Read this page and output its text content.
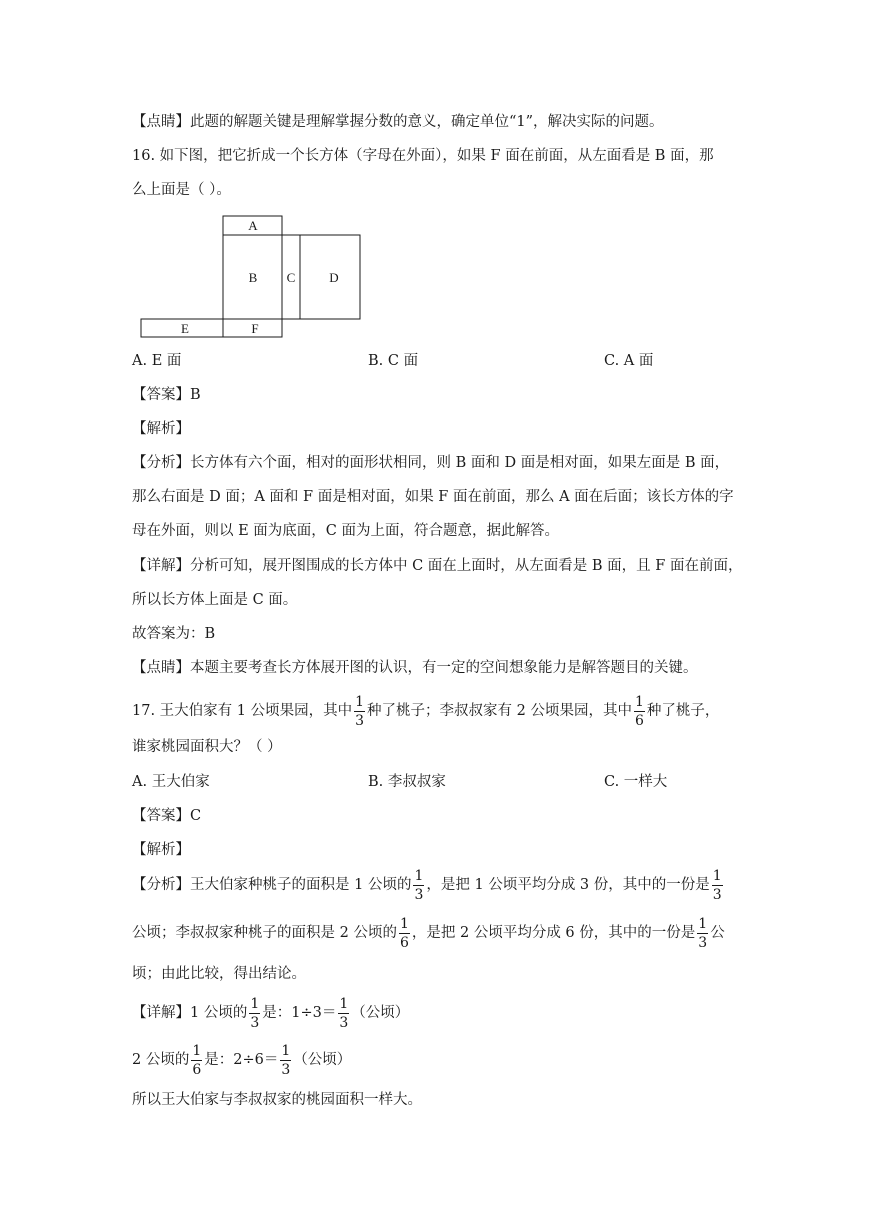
【点睛】此题的解题关键是理解掌握分数的意义，确定单位“1”，解决实际的问题。
16. 如下图，把它折成一个长方体（字母在外面），如果 F 面在前面，从左面看是 B 面，那
么上面是（ ）。
A
B C	D
E	F
A. E 面	B. C 面	C. A 面
【答案】B
【解析】
【分析】长方体有六个面，相对的面形状相同，则 B 面和 D 面是相对面，如果左面是 B 面，
那么右面是 D 面；A 面和 F 面是相对面，如果 F 面在前面，那么 A 面在后面；该长方体的字
母在外面，则以 E 面为底面，C 面为上面，符合题意，据此解答。
【详解】分析可知，展开图围成的长方体中 C 面在上面时，从左面看是 B 面，且 F 面在前面，
所以长方体上面是 C 面。
故答案为：B
【点睛】本题主要考查长方体展开图的认识，有一定的空间想象能力是解答题目的关键。
17. 王大伯家有 1 公顷果园，其中 $\frac{1}{3}$ 种了桃子；李叔叔家有 2 公顷果园，其中 $\frac{1}{6}$ 种了桃子，
谁家桃园面积大？（ ）
A. 王大伯家	B. 李叔叔家	C. 一样大
【答案】C
【解析】
【分析】王大伯家种桃子的面积是 1 公顷的 $\frac{1}{3}$ ，是把 1 公顷平均分成 3 份，其中的一份是 $\frac{1}{3}$
公顷；李叔叔家种桃子的面积是 2 公顷的 $\frac{1}{6}$ ，是把 2 公顷平均分成 6 份，其中的一份是 $\frac{1}{3}$ 公
顷；由此比较，得出结论。
【详解】1 公顷的 $\frac{1}{3}$ 是：$1\div 3= \frac{1}{3}$ （公顷）
2 公顷的 $\frac{1}{6}$ 是：$2\div 6= \frac{1}{3}$ （公顷）
所以王大伯家与李叔叔家的桃园面积一样大。
